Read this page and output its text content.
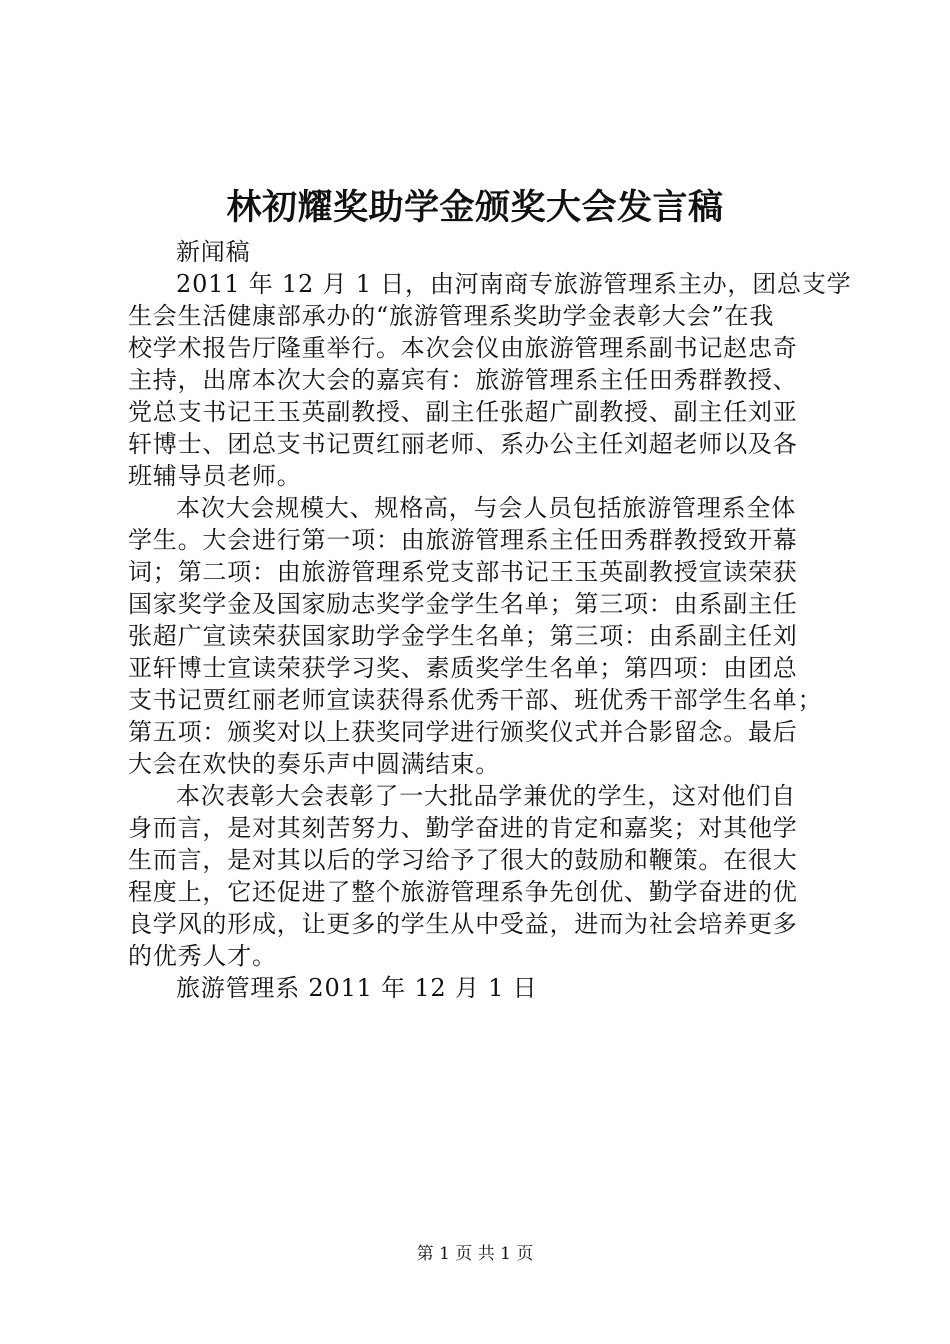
林初耀奖助学金颁奖大会发言稿
新闻稿
2011 年 12 月 1 日，由河南商专旅游管理系主办，团总支学
生会生活健康部承办的“旅游管理系奖助学金表彰大会”在我
校学术报告厅隆重举行。本次会仪由旅游管理系副书记赵忠奇
主持，出席本次大会的嘉宾有：旅游管理系主任田秀群教授、
党总支书记王玉英副教授、副主任张超广副教授、副主任刘亚
轩博士、团总支书记贾红丽老师、系办公主任刘超老师以及各
班辅导员老师。
本次大会规模大、规格高，与会人员包括旅游管理系全体
学生。大会进行第一项：由旅游管理系主任田秀群教授致开幕
词；第二项：由旅游管理系党支部书记王玉英副教授宣读荣获
国家奖学金及国家励志奖学金学生名单；第三项：由系副主任
张超广宣读荣获国家助学金学生名单；第三项：由系副主任刘
亚轩博士宣读荣获学习奖、素质奖学生名单；第四项：由团总
支书记贾红丽老师宣读获得系优秀干部、班优秀干部学生名单；
第五项：颁奖对以上获奖同学进行颁奖仪式并合影留念。最后
大会在欢快的奏乐声中圆满结束。
本次表彰大会表彰了一大批品学兼优的学生，这对他们自
身而言，是对其刻苦努力、勤学奋进的肯定和嘉奖；对其他学
生而言，是对其以后的学习给予了很大的鼓励和鞭策。在很大
程度上，它还促进了整个旅游管理系争先创优、勤学奋进的优
良学风的形成，让更多的学生从中受益，进而为社会培养更多
的优秀人才。
旅游管理系 2011 年 12 月 1 日
第 1 页 共 1 页
